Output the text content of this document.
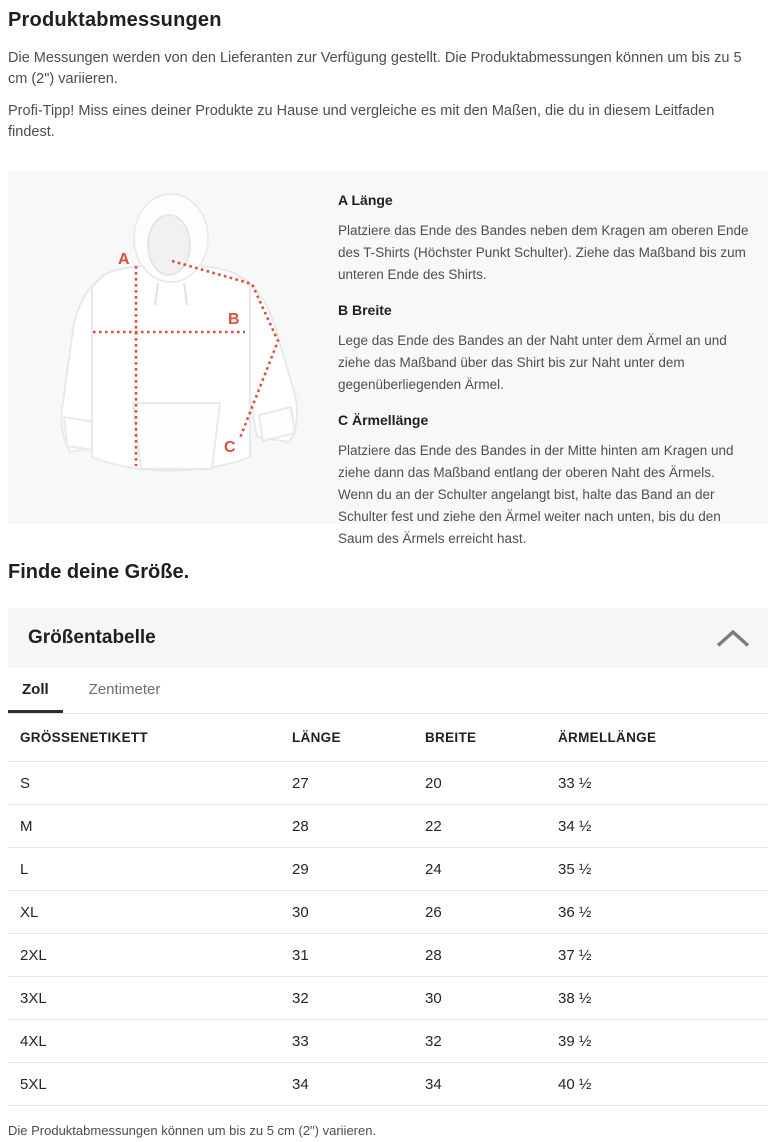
Produktabmessungen

Die Messungen werden von den Lieferanten zur Verfügung gestellt. Die Produktabmessungen können um bis zu 5 cm (2") variieren.

Profi-Tipp! Miss eines deiner Produkte zu Hause und vergleiche es mit den Maßen, die du in diesem Leitfaden findest.

A
B
C
A Länge

Platziere das Ende des Bandes neben dem Kragen am oberen Ende des T-Shirts (Höchster Punkt Schulter). Ziehe das Maßband bis zum unteren Ende des Shirts.

B Breite

Lege das Ende des Bandes an der Naht unter dem Ärmel an und ziehe das Maßband über das Shirt bis zur Naht unter dem gegenüberliegenden Ärmel.

C Ärmellänge

Platziere das Ende des Bandes in der Mitte hinten am Kragen und ziehe dann das Maßband entlang der oberen Naht des Ärmels. Wenn du an der Schulter angelangt bist, halte das Band an der Schulter fest und ziehe den Ärmel weiter nach unten, bis du den Saum des Ärmels erreicht hast.

Finde deine Größe.
Größentabelle
Zoll	Zentimeter
GRÖSSENETIKETT	LÄNGE	BREITE	ÄRMELLÄNGE
S	27	20	33 ½
M	28	22	34 ½
L	29	24	35 ½
XL	30	26	36 ½
2XL	31	28	37 ½
3XL	32	30	38 ½
4XL	33	32	39 ½
5XL	34	34	40 ½

Die Produktabmessungen können um bis zu 5 cm (2") variieren.
